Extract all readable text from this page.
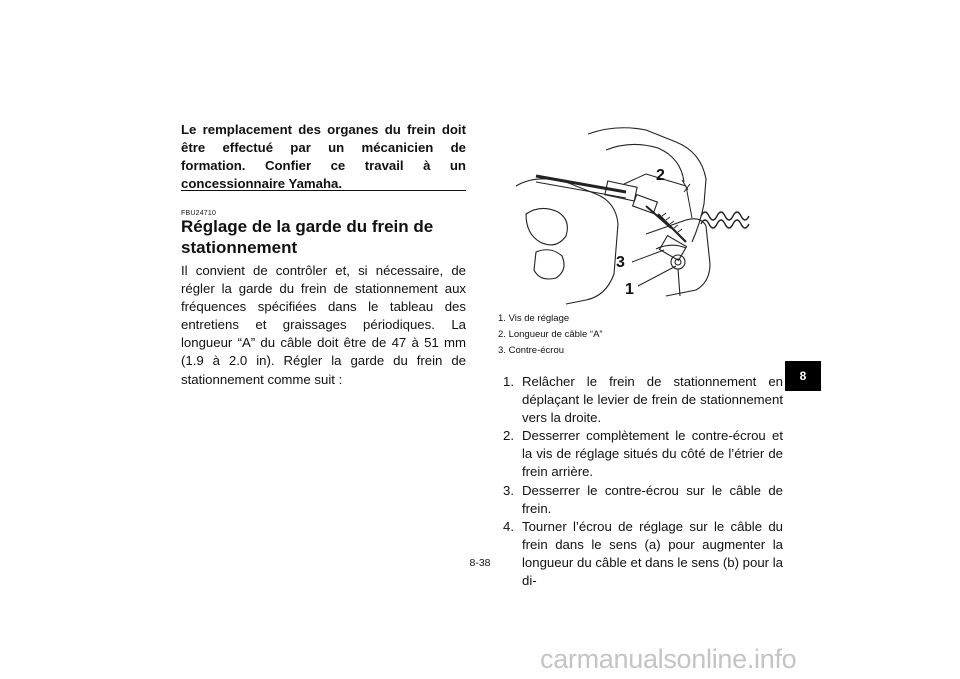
Le remplacement des organes du frein doit être effectué par un mécanicien de formation. Confier ce travail à un concessionnaire Yamaha.
FBU24710
Réglage de la garde du frein de stationnement
Il convient de contrôler et, si nécessaire, de régler la garde du frein de stationnement aux fréquences spécifiées dans le tableau des entretiens et graissages périodiques. La longueur “A” du câble doit être de 47 à 51 mm (1.9 à 2.0 in). Régler la garde du frein de stationnement comme suit :
2
3
1
1. Vis de réglage
2. Longueur de câble “A”
3. Contre-écrou
1. Relâcher le frein de stationnement en déplaçant le levier de frein de stationnement vers la droite.
2. Desserrer complètement le contre-écrou et la vis de réglage situés du côté de l’étrier de frein arrière.
3. Desserrer le contre-écrou sur le câble de frein.
4. Tourner l’écrou de réglage sur le câble du frein dans le sens (a) pour augmenter la longueur du câble et dans le sens (b) pour la di-
8
8-38
carmanualsonline.info
